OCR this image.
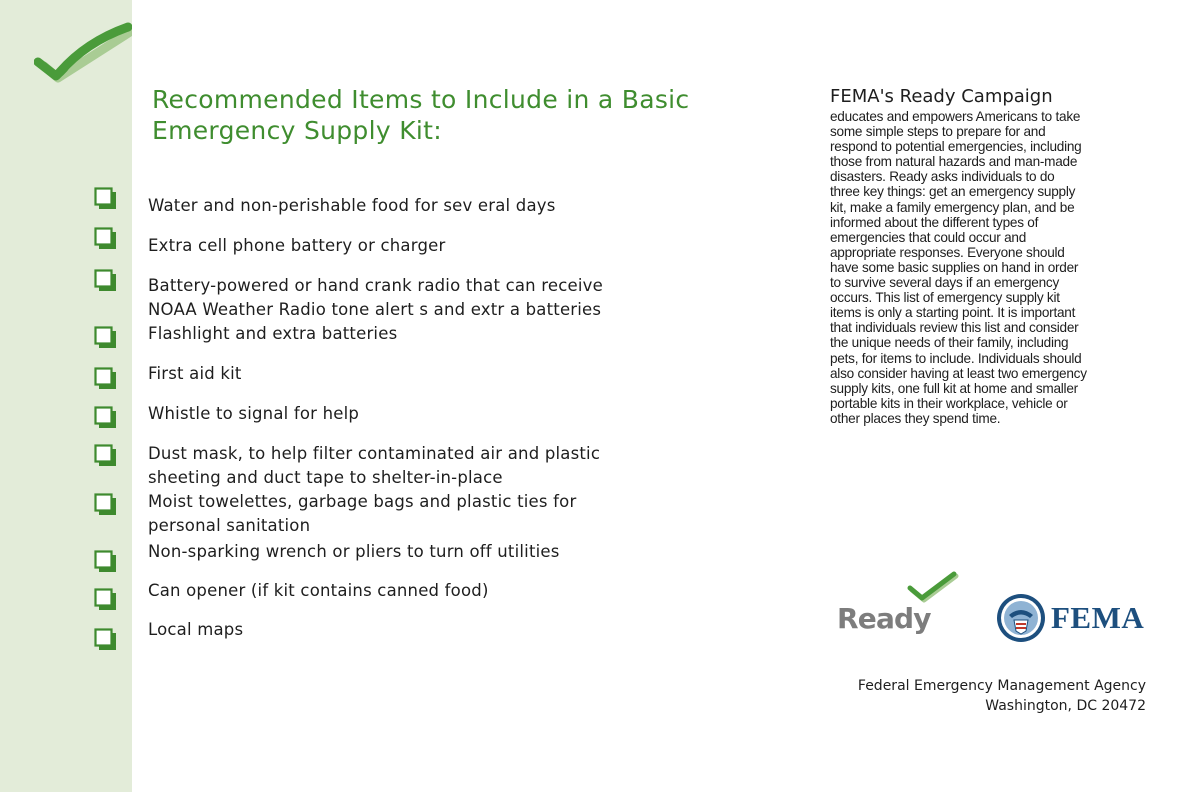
Recommended Items to Include in a Basic Emergency Supply Kit:
Water and non-perishable food for sev eral days
Extra cell phone battery or charger
Battery-powered or hand crank radio that can receive
NOAA Weather Radio tone alert s and extr a batteries
Flashlight and extra batteries
First aid kit
Whistle to signal for help
Dust mask, to help filter contaminated air and plastic
sheeting and duct tape to shelter-in-place
Moist towelettes, garbage bags and plastic ties for
personal sanitation
Non-sparking wrench or pliers to turn off utilities
Can opener (if kit contains canned food)
Local maps
FEMA's Ready Campaign
educates and empowers Americans to take
some simple steps to prepare for and
respond to potential emergencies, including
those from natural hazards and man-made
disasters. Ready asks individuals to do
three key things: get an emergency supply
kit, make a family emergency plan, and be
informed about the different types of
emergencies that could occur and
appropriate responses. Everyone should
have some basic supplies on hand in order
to survive several days if an emergency
occurs. This list of emergency supply kit
items is only a starting point. It is important
that individuals review this list and consider
the unique needs of their family, including
pets, for items to include. Individuals should
also consider having at least two emergency
supply kits, one full kit at home and smaller
portable kits in their workplace, vehicle or
other places they spend time.
Ready	FEMA
Federal Emergency Management Agency
Washington, DC 20472
